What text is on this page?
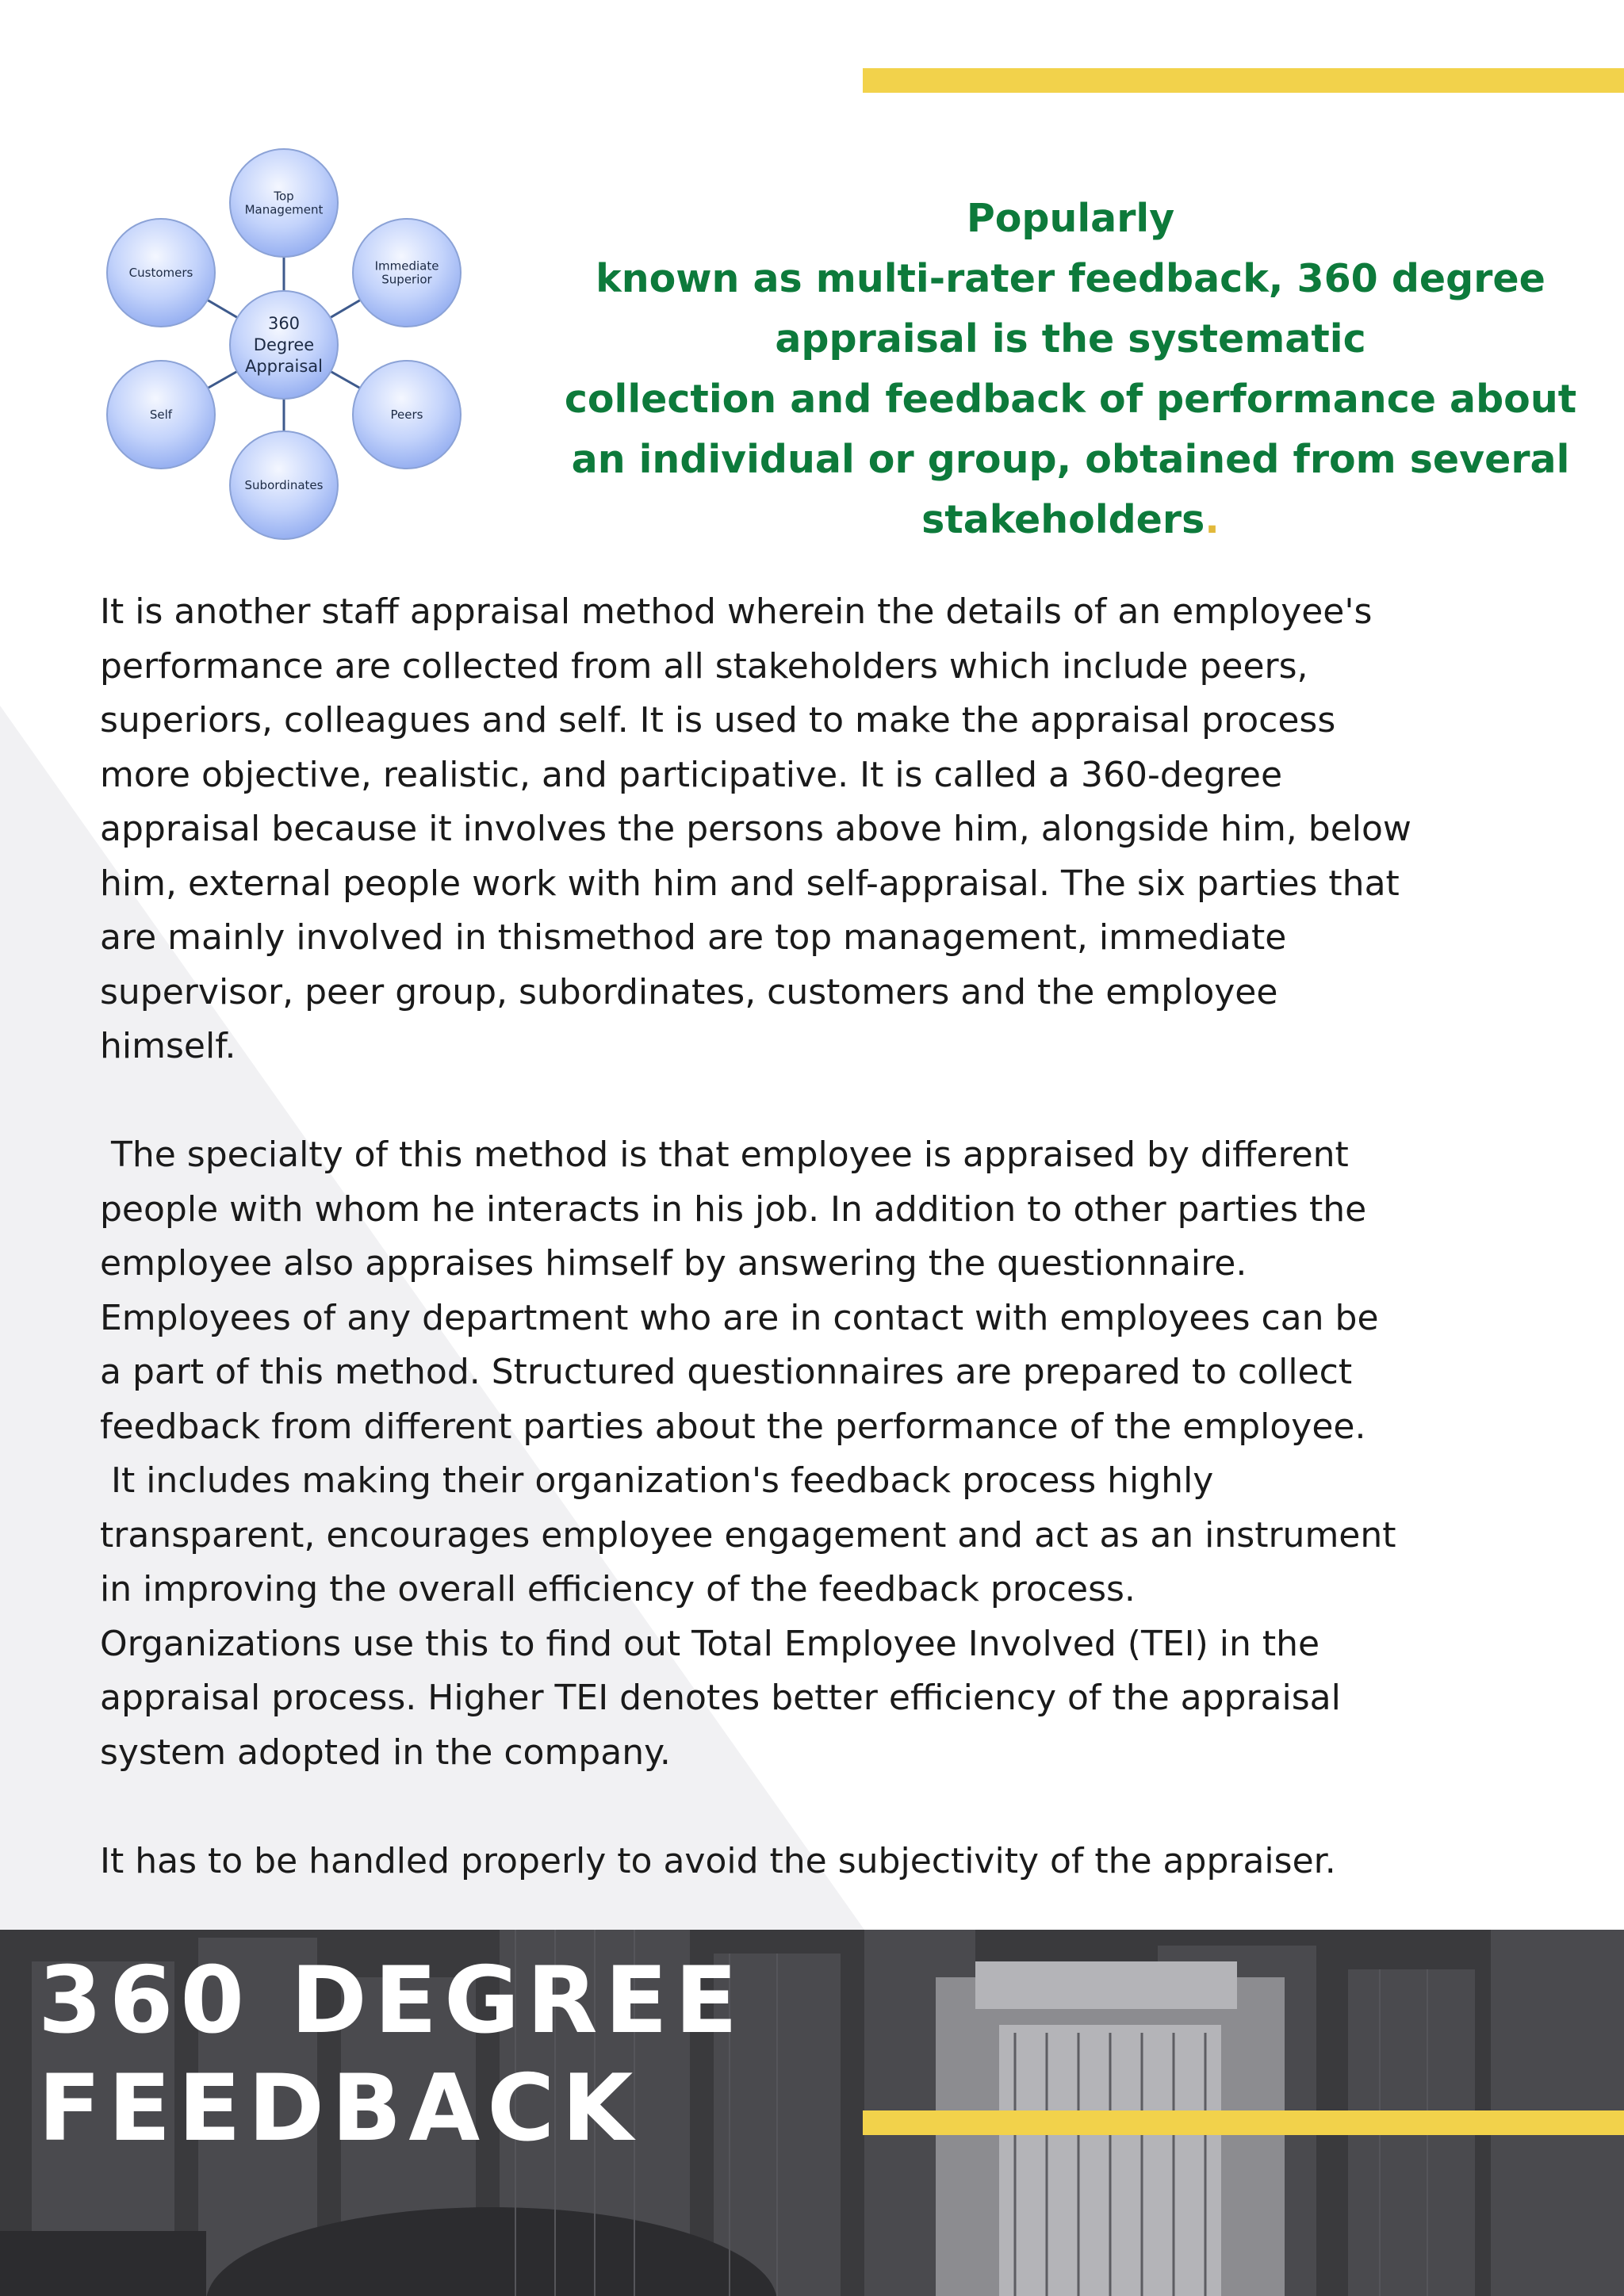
Top Management
Immediate Superior
Peers
Subordinates
Self
Customers
360 Degree Appraisal
Popularly
known as multi-rater feedback, 360 degree
appraisal is the systematic
collection and feedback of performance about
an individual or group, obtained from several
stakeholders.
It is another staff appraisal method wherein the details of an employee's
performance are collected from all stakeholders which include peers,
superiors, colleagues and self. It is used to make the appraisal process
more objective, realistic, and participative. It is called a 360-degree
appraisal because it involves the persons above him, alongside him, below
him, external people work with him and self-appraisal. The six parties that
are mainly involved in thismethod are top management, immediate
supervisor, peer group, subordinates, customers and the employee
himself.
The specialty of this method is that employee is appraised by different
people with whom he interacts in his job. In addition to other parties the
employee also appraises himself by answering the questionnaire.
Employees of any department who are in contact with employees can be
a part of this method. Structured questionnaires are prepared to collect
feedback from different parties about the performance of the employee.
It includes making their organization's feedback process highly
transparent, encourages employee engagement and act as an instrument
in improving the overall efficiency of the feedback process.
Organizations use this to find out Total Employee Involved (TEI) in the
appraisal process. Higher TEI denotes better efficiency of the appraisal
system adopted in the company.
It has to be handled properly to avoid the subjectivity of the appraiser.
360 DEGREE
FEEDBACK
